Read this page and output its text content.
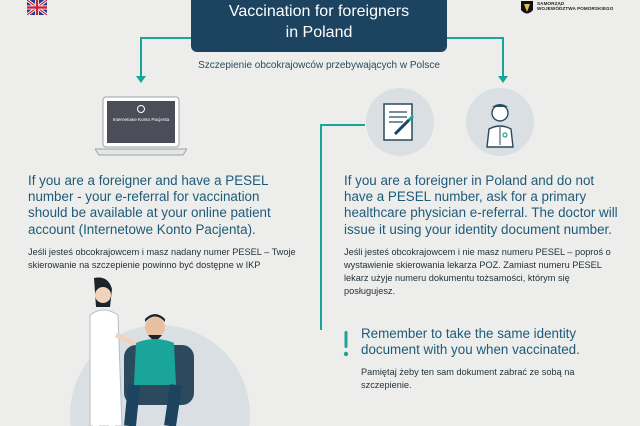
SAMORZĄD
WOJEWÓDZTWA POMORSKIEGO
Vaccination for foreigners
in Poland
Szczepienie obcokrajowców przebywających w Polsce
Internetowe Konto Pacjenta
If you are a foreigner and have a PESEL number - your e-referral for vaccination should be available at your online patient account (Internetowe Konto Pacjenta).
Jeśli jesteś obcokrajowcem i masz nadany numer PESEL – Twoje skierowanie na szczepienie powinno być dostępne w IKP
If you are a foreigner in Poland and do not have a PESEL number, ask for a primary healthcare physician e-referral. The doctor will issue it using your identity document number.
Jeśli jesteś obcokrajowcem i nie masz numeru PESEL – poproś o wystawienie skierowania lekarza POZ. Zamiast numeru PESEL lekarz użyje numeru dokumentu tożsamości, którym się posługujesz.
Remember to take the same identity document with you when vaccinated.
Pamiętaj żeby ten sam dokument zabrać ze sobą na szczepienie.
